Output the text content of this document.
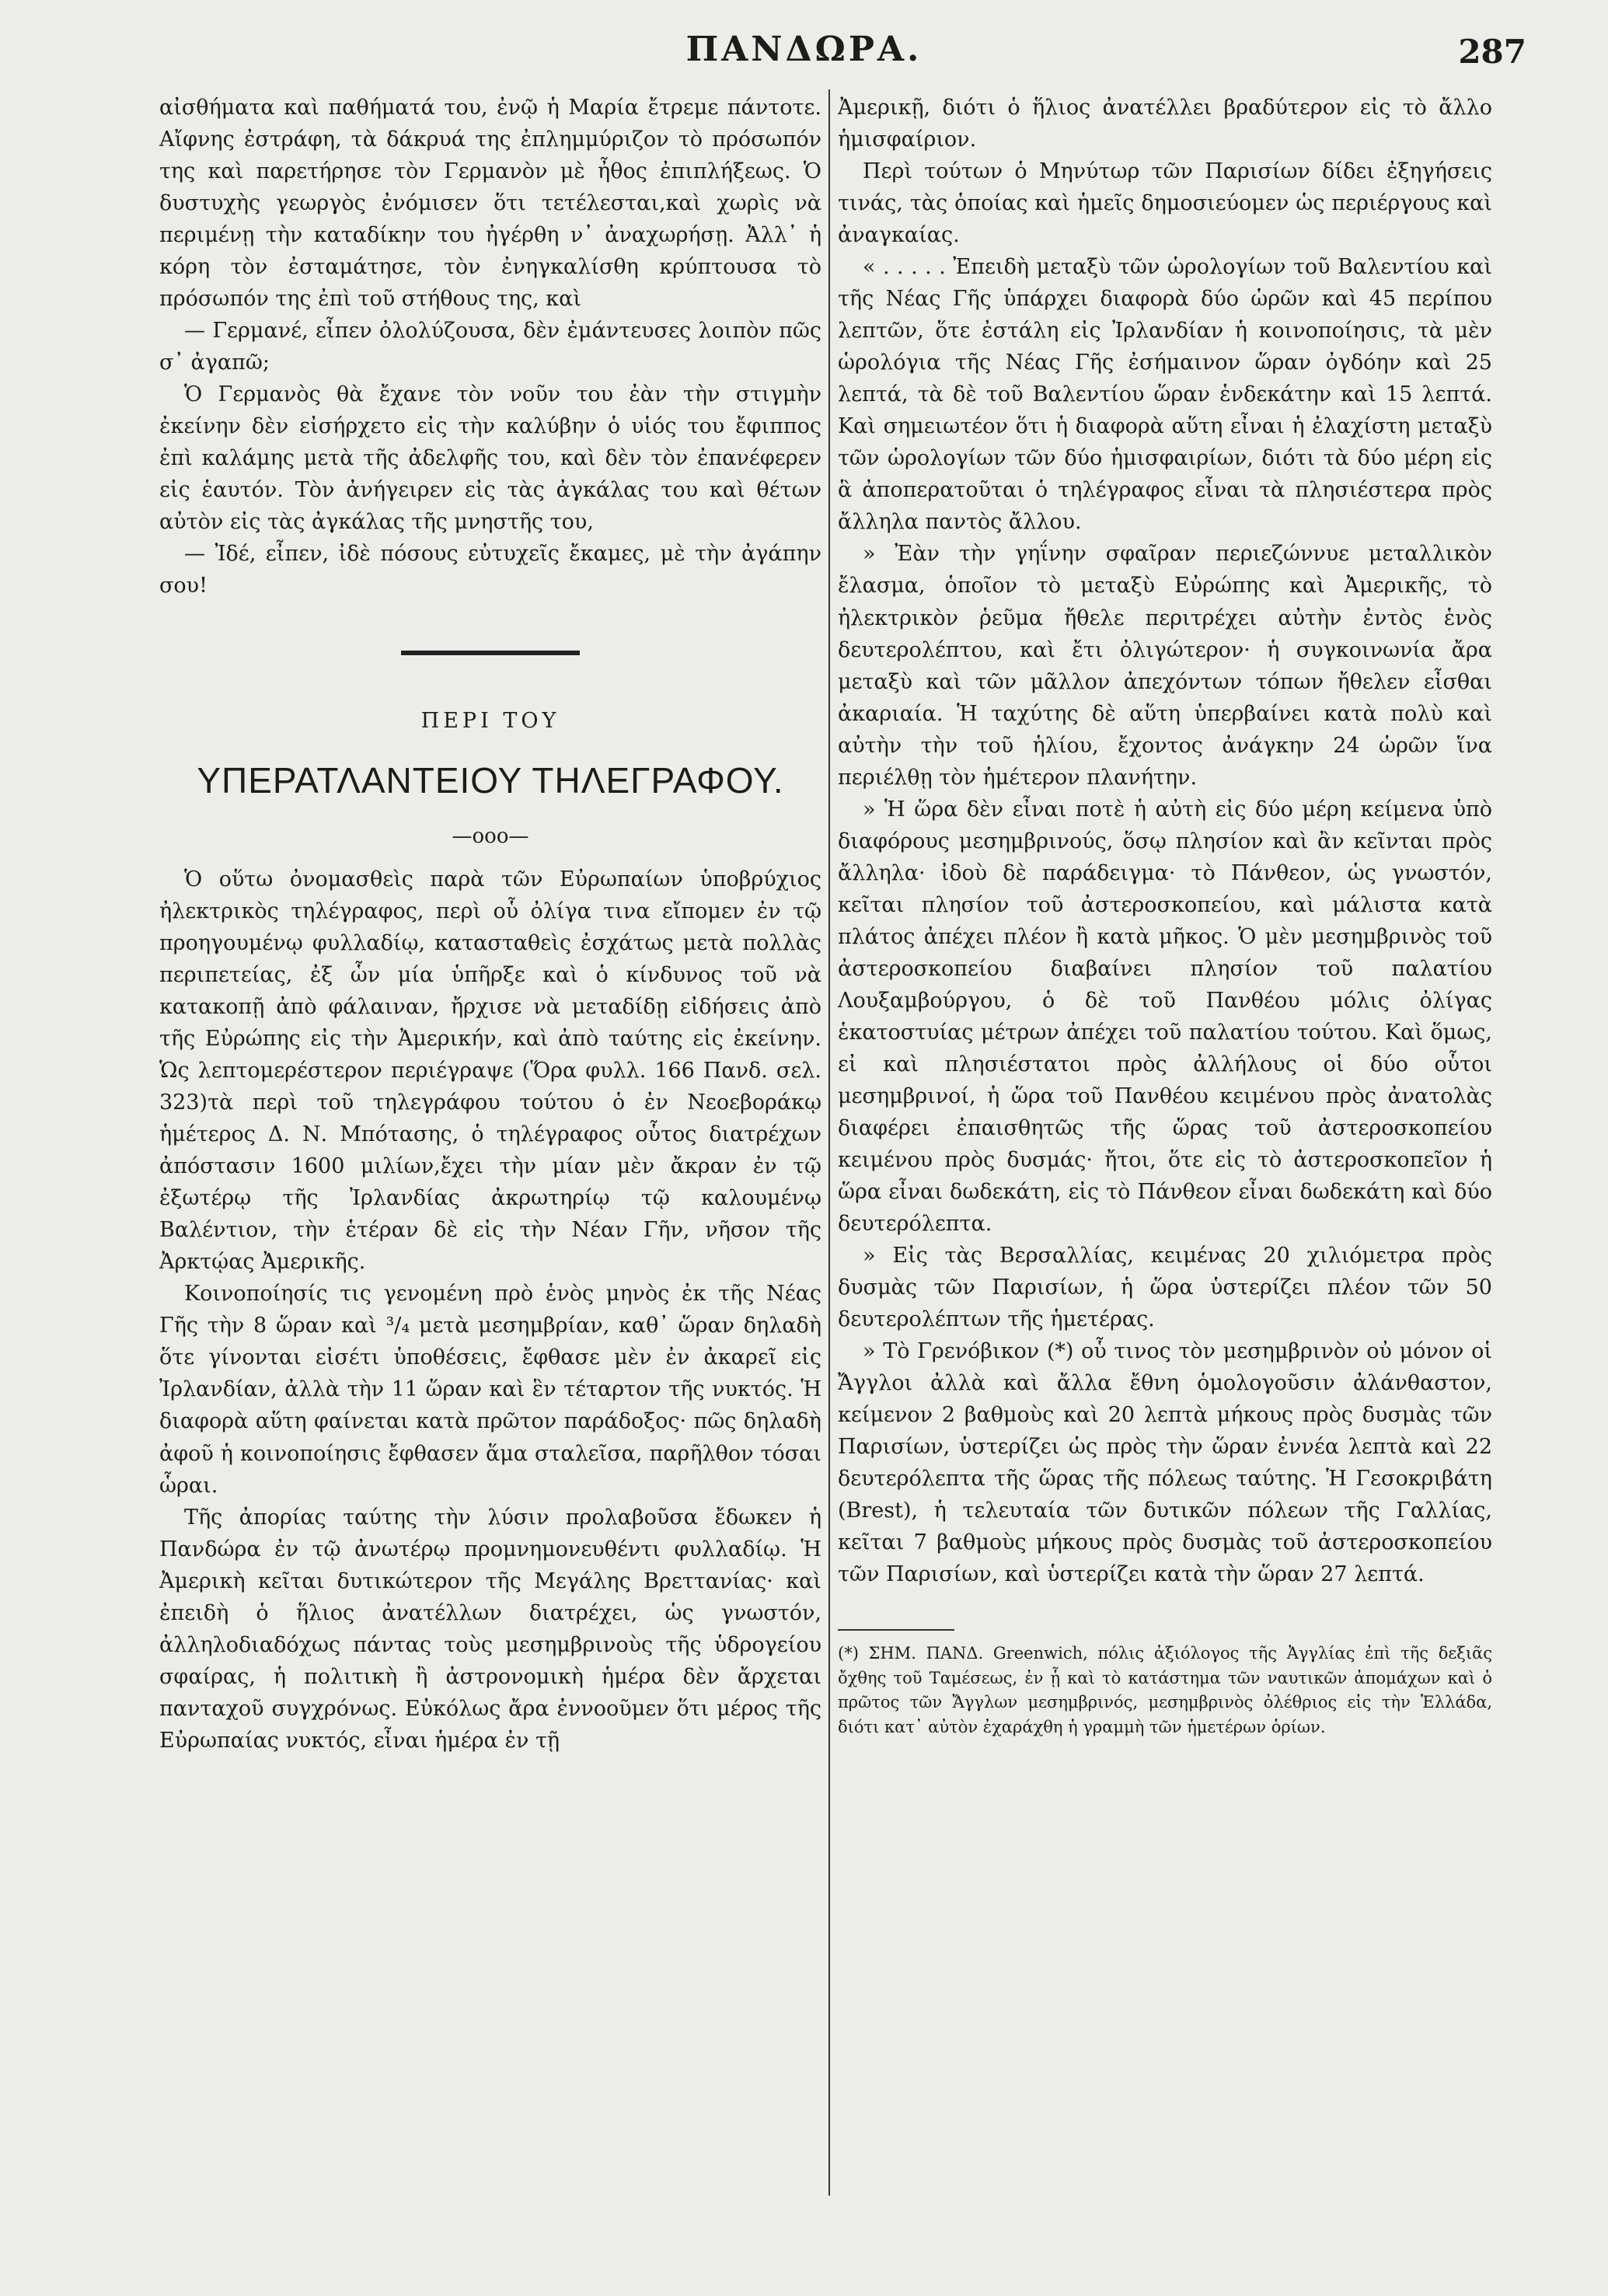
ΠΑΝΔΩΡΑ.	287

αἰσθήματα καὶ παθήματά του, ἐνῷ ἡ Μαρία ἔτρεμε πάντοτε. Αἴφνης ἐστράφη, τὰ δάκρυά της ἐπλημμύριζον τὸ πρόσωπόν της καὶ παρετήρησε τὸν Γερμανὸν μὲ ἦθος ἐπιπλήξεως. Ὁ δυστυχὴς γεωργὸς ἐνόμισεν ὅτι τετέλεσται,καὶ χωρὶς νὰ περιμένῃ τὴν καταδίκην του ἠγέρθη ν᾿ ἀναχωρήσῃ. Ἀλλ᾿ ἡ κόρη τὸν ἐσταμάτησε, τὸν ἐνηγκαλίσθη κρύπτουσα τὸ πρόσωπόν της ἐπὶ τοῦ στήθους της, καὶ

— Γερμανέ, εἶπεν ὀλολύζουσα, δὲν ἐμάντευσες λοιπὸν πῶς σ᾿ ἀγαπῶ;

Ὁ Γερμανὸς θὰ ἔχανε τὸν νοῦν του ἐὰν τὴν στιγμὴν ἐκείνην δὲν εἰσήρχετο εἰς τὴν καλύβην ὁ υἱός του ἔφιππος ἐπὶ καλάμης μετὰ τῆς ἀδελφῆς του, καὶ δὲν τὸν ἐπανέφερεν εἰς ἑαυτόν. Τὸν ἀνήγειρεν εἰς τὰς ἀγκάλας του καὶ θέτων αὐτὸν εἰς τὰς ἀγκάλας τῆς μνηστῆς του,

— Ἰδέ, εἶπεν, ἰδὲ πόσους εὐτυχεῖς ἔκαμες, μὲ τὴν ἀγάπην σου!

ΠΕΡΙ ΤΟΥ
ΥΠΕΡΑΤΛΑΝΤΕΙΟΥ ΤΗΛΕΓΡΑΦΟΥ.
—ooo—

Ὁ οὕτω ὀνομασθεὶς παρὰ τῶν Εὐρωπαίων ὑποβρύχιος ἠλεκτρικὸς τηλέγραφος, περὶ οὗ ὀλίγα τινα εἴπομεν ἐν τῷ προηγουμένῳ φυλλαδίῳ, κατασταθεὶς ἐσχάτως μετὰ πολλὰς περιπετείας, ἐξ ὧν μία ὑπῆρξε καὶ ὁ κίνδυνος τοῦ νὰ κατακοπῇ ἀπὸ φάλαιναν, ἤρχισε νὰ μεταδίδῃ εἰδήσεις ἀπὸ τῆς Εὐρώπης εἰς τὴν Ἀμερικήν, καὶ ἀπὸ ταύτης εἰς ἐκείνην. Ὡς λεπτομερέστερον περιέγραψε (Ὅρα φυλλ. 166 Πανδ. σελ. 323)τὰ περὶ τοῦ τηλεγράφου τούτου ὁ ἐν Νεοεβοράκῳ ἡμέτερος Δ. Ν. Μπότασης, ὁ τηλέγραφος οὗτος διατρέχων ἀπόστασιν 1600 μιλίων,ἔχει τὴν μίαν μὲν ἄκραν ἐν τῷ ἐξωτέρῳ τῆς Ἰρλανδίας ἀκρωτηρίῳ τῷ καλουμένῳ Βαλέντιον, τὴν ἑτέραν δὲ εἰς τὴν Νέαν Γῆν, νῆσον τῆς Ἀρκτῴας Ἀμερικῆς.

Κοινοποίησίς τις γενομένη πρὸ ἑνὸς μηνὸς ἐκ τῆς Νέας Γῆς τὴν 8 ὥραν καὶ ³/₄ μετὰ μεσημβρίαν, καθ᾿ ὥραν δηλαδὴ ὅτε γίνονται εἰσέτι ὑποθέσεις, ἔφθασε μὲν ἐν ἀκαρεῖ εἰς Ἰρλανδίαν, ἀλλὰ τὴν 11 ὥραν καὶ ἓν τέταρτον τῆς νυκτός. Ἡ διαφορὰ αὕτη φαίνεται κατὰ πρῶτον παράδοξος· πῶς δηλαδὴ ἀφοῦ ἡ κοινοποίησις ἔφθασεν ἅμα σταλεῖσα, παρῆλθον τόσαι ὧραι.

Τῆς ἀπορίας ταύτης τὴν λύσιν προλαβοῦσα ἔδωκεν ἡ Πανδώρα ἐν τῷ ἀνωτέρῳ προμνημονευθέντι φυλλαδίῳ. Ἡ Ἀμερικὴ κεῖται δυτικώτερον τῆς Μεγάλης Βρεττανίας· καὶ ἐπειδὴ ὁ ἥλιος ἀνατέλλων διατρέχει, ὡς γνωστόν, ἀλληλοδιαδόχως πάντας τοὺς μεσημβρινοὺς τῆς ὑδρογείου σφαίρας, ἡ πολιτικὴ ἢ ἀστρονομικὴ ἡμέρα δὲν ἄρχεται πανταχοῦ συγχρόνως. Εὐκόλως ἄρα ἐννοοῦμεν ὅτι μέρος τῆς Εὐρωπαίας νυκτός, εἶναι ἡμέρα ἐν τῇ

Ἀμερικῇ, διότι ὁ ἥλιος ἀνατέλλει βραδύτερον εἰς τὸ ἄλλο ἡμισφαίριον.

Περὶ τούτων ὁ Μηνύτωρ τῶν Παρισίων δίδει ἐξηγήσεις τινάς, τὰς ὁποίας καὶ ἡμεῖς δημοσιεύομεν ὡς περιέργους καὶ ἀναγκαίας.

« . . . . . Ἐπειδὴ μεταξὺ τῶν ὡρολογίων τοῦ Βαλεντίου καὶ τῆς Νέας Γῆς ὑπάρχει διαφορὰ δύο ὡρῶν καὶ 45 περίπου λεπτῶν, ὅτε ἐστάλη εἰς Ἰρλανδίαν ἡ κοινοποίησις, τὰ μὲν ὡρολόγια τῆς Νέας Γῆς ἐσήμαινον ὥραν ὀγδόην καὶ 25 λεπτά, τὰ δὲ τοῦ Βαλεντίου ὥραν ἑνδεκάτην καὶ 15 λεπτά. Καὶ σημειωτέον ὅτι ἡ διαφορὰ αὕτη εἶναι ἡ ἐλαχίστη μεταξὺ τῶν ὡρολογίων τῶν δύο ἡμισφαιρίων, διότι τὰ δύο μέρη εἰς ἃ ἀποπερατοῦται ὁ τηλέγραφος εἶναι τὰ πλησιέστερα πρὸς ἄλληλα παντὸς ἄλλου.

» Ἐὰν τὴν γηΐνην σφαῖραν περιεζώννυε μεταλλικὸν ἔλασμα, ὁποῖον τὸ μεταξὺ Εὐρώπης καὶ Ἀμερικῆς, τὸ ἠλεκτρικὸν ῥεῦμα ἤθελε περιτρέχει αὐτὴν ἐντὸς ἑνὸς δευτερολέπτου, καὶ ἔτι ὀλιγώτερον· ἡ συγκοινωνία ἄρα μεταξὺ καὶ τῶν μᾶλλον ἀπεχόντων τόπων ἤθελεν εἶσθαι ἀκαριαία. Ἡ ταχύτης δὲ αὕτη ὑπερβαίνει κατὰ πολὺ καὶ αὐτὴν τὴν τοῦ ἡλίου, ἔχοντος ἀνάγκην 24 ὡρῶν ἵνα περιέλθῃ τὸν ἡμέτερον πλανήτην.

» Ἡ ὥρα δὲν εἶναι ποτὲ ἡ αὐτὴ εἰς δύο μέρη κείμενα ὑπὸ διαφόρους μεσημβρινούς, ὅσῳ πλησίον καὶ ἂν κεῖνται πρὸς ἄλληλα· ἰδοὺ δὲ παράδειγμα· τὸ Πάνθεον, ὡς γνωστόν, κεῖται πλησίον τοῦ ἀστεροσκοπείου, καὶ μάλιστα κατὰ πλάτος ἀπέχει πλέον ἢ κατὰ μῆκος. Ὁ μὲν μεσημβρινὸς τοῦ ἀστεροσκοπείου διαβαίνει πλησίον τοῦ παλατίου Λουξαμβούργου, ὁ δὲ τοῦ Πανθέου μόλις ὀλίγας ἑκατοστυίας μέτρων ἀπέχει τοῦ παλατίου τούτου. Καὶ ὅμως, εἰ καὶ πλησιέστατοι πρὸς ἀλλήλους οἱ δύο οὗτοι μεσημβρινοί, ἡ ὥρα τοῦ Πανθέου κειμένου πρὸς ἀνατολὰς διαφέρει ἐπαισθητῶς τῆς ὥρας τοῦ ἀστεροσκοπείου κειμένου πρὸς δυσμάς· ἤτοι, ὅτε εἰς τὸ ἀστεροσκοπεῖον ἡ ὥρα εἶναι δωδεκάτη, εἰς τὸ Πάνθεον εἶναι δωδεκάτη καὶ δύο δευτερόλεπτα.

» Εἰς τὰς Βερσαλλίας, κειμένας 20 χιλιόμετρα πρὸς δυσμὰς τῶν Παρισίων, ἡ ὥρα ὑστερίζει πλέον τῶν 50 δευτερολέπτων τῆς ἡμετέρας.

» Τὸ Γρενόβικον (*) οὗ τινος τὸν μεσημβρινὸν οὐ μόνον οἱ Ἄγγλοι ἀλλὰ καὶ ἄλλα ἔθνη ὁμολογοῦσιν ἀλάνθαστον, κείμενον 2 βαθμοὺς καὶ 20 λεπτὰ μήκους πρὸς δυσμὰς τῶν Παρισίων, ὑστερίζει ὡς πρὸς τὴν ὥραν ἐννέα λεπτὰ καὶ 22 δευτερόλεπτα τῆς ὥρας τῆς πόλεως ταύτης. Ἡ Γεσοκριβάτη (Brest), ἡ τελευταία τῶν δυτικῶν πόλεων τῆς Γαλλίας, κεῖται 7 βαθμοὺς μήκους πρὸς δυσμὰς τοῦ ἀστεροσκοπείου τῶν Παρισίων, καὶ ὑστερίζει κατὰ τὴν ὥραν 27 λεπτά.

(*) ΣΗΜ. ΠΑΝΔ. Greenwich, πόλις ἀξιόλογος τῆς Ἀγγλίας ἐπὶ τῆς δεξιᾶς ὄχθης τοῦ Ταμέσεως, ἐν ᾗ καὶ τὸ κατάστημα τῶν ναυτικῶν ἀπομάχων καὶ ὁ πρῶτος τῶν Ἄγγλων μεσημβρινός, μεσημβρινὸς ὀλέθριος εἰς τὴν Ἑλλάδα, διότι κατ᾿ αὐτὸν ἐχαράχθη ἡ γραμμὴ τῶν ἡμετέρων ὁρίων.
